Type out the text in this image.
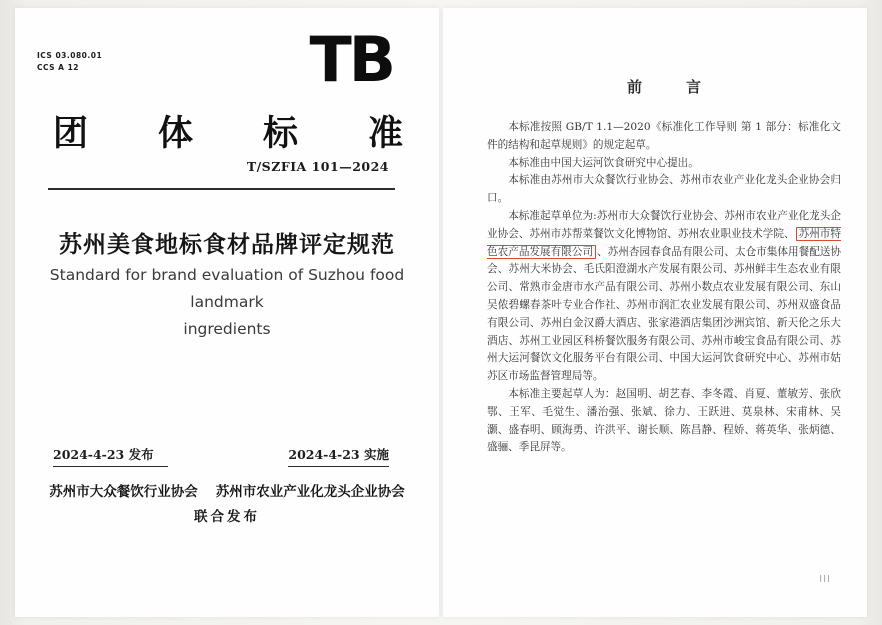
ICS 03.080.01
CCS A 12	TB
团 体 标 准
T/SZFIA 101—2024
苏州美食地标食材品牌评定规范
Standard for brand evaluation of Suzhou food landmark
ingredients
2024-4-23 发布	2024-4-23 实施
苏州市大众餐饮行业协会 苏州市农业产业化龙头企业协会
联合发布
前	言

本标准按照 GB/T 1.1—2020《标准化工作导则 第 1 部分：标准化文件的结构和起草规则》的规定起草。

本标准由中国大运河饮食研究中心提出。

本标准由苏州市大众餐饮行业协会、苏州市农业产业化龙头企业协会归口。

本标准起草单位为:苏州市大众餐饮行业协会、苏州市农业产业化龙头企业协会、苏州市苏帮菜餐饮文化博物馆、苏州农业职业技术学院、 苏州市特色农产品发展有限公司 、苏州杏园春食品有限公司、太仓市集体用餐配送协会、苏州大米协会、毛氏阳澄湖水产发展有限公司、苏州鲜丰生态农业有限公司、常熟市金唐市水产品有限公司、苏州小数点农业发展有限公司、东山吴侬碧螺春茶叶专业合作社、苏州市润汇农业发展有限公司、苏州双盛食品有限公司、苏州白金汉爵大酒店、张家港酒店集团沙洲宾馆、新天伦之乐大酒店、苏州工业园区科桥餐饮服务有限公司、苏州市峻宝食品有限公司、苏州大运河餐饮文化服务平台有限公司、中国大运河饮食研究中心、苏州市姑苏区市场监督管理局等。

本标准主要起草人为：赵国明、胡艺春、李冬霞、肖夏、董敏芳、张欣鄂、王军、毛觉生、潘治强、张斌、徐力、王跃进、莫泉林、宋甫林、吴灏、盛春明、顾海勇、许洪平、谢长顺、陈昌静、程娇、蒋英华、张炳德、盛骊、季昆屏等。

III
